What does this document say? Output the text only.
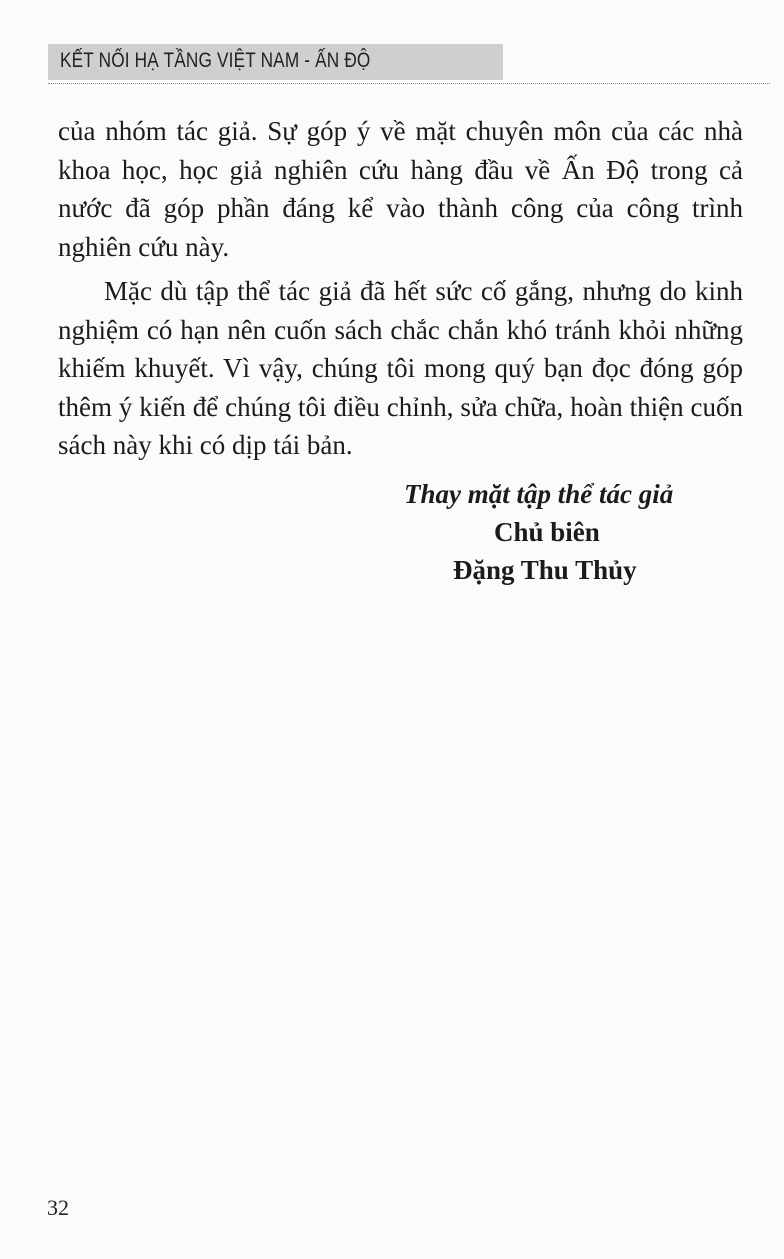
KẾT NỐI HẠ TẦNG VIỆT NAM - ẤN ĐỘ

của nhóm tác giả. Sự góp ý về mặt chuyên môn của các nhà khoa học, học giả nghiên cứu hàng đầu về Ấn Độ trong cả nước đã góp phần đáng kể vào thành công của công trình nghiên cứu này.

Mặc dù tập thể tác giả đã hết sức cố gắng, nhưng do kinh nghiệm có hạn nên cuốn sách chắc chắn khó tránh khỏi những khiếm khuyết. Vì vậy, chúng tôi mong quý bạn đọc đóng góp thêm ý kiến để chúng tôi điều chỉnh, sửa chữa, hoàn thiện cuốn sách này khi có dịp tái bản.

Thay mặt tập thể tác giả
Chủ biên
Đặng Thu Thủy
32
